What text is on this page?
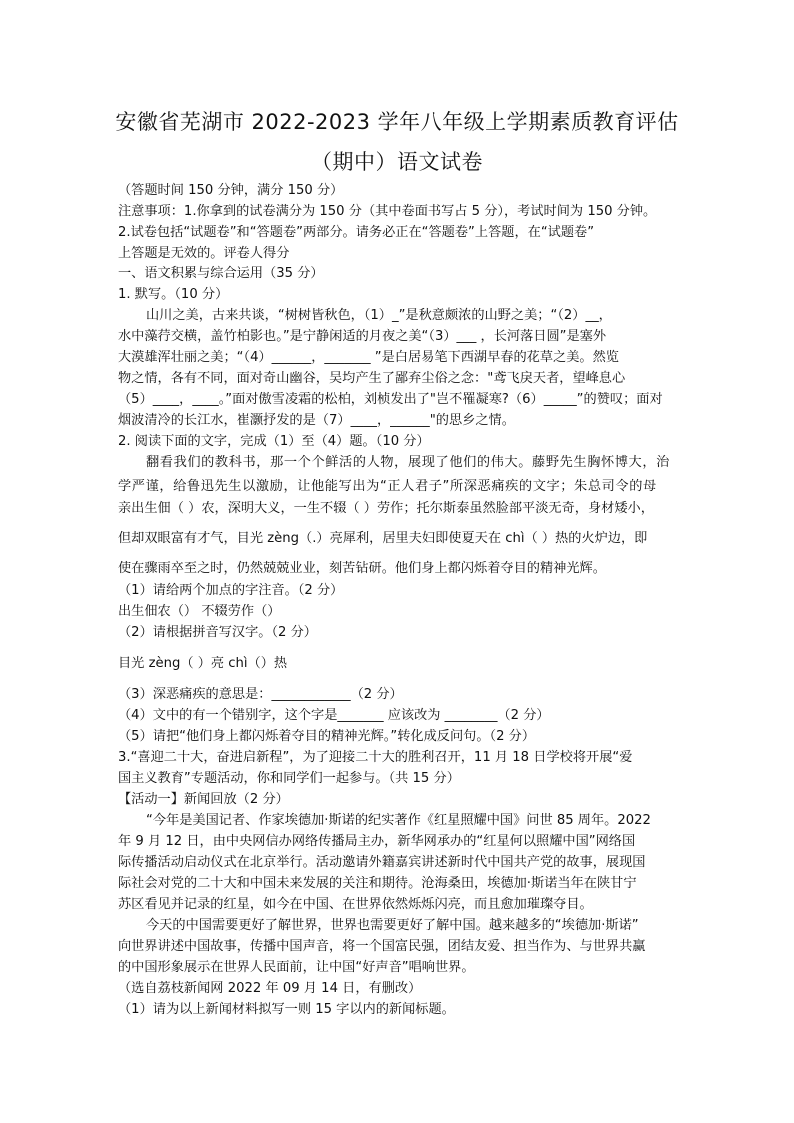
安徽省芜湖市 2022-2023 学年八年级上学期素质教育评估
（期中）语文试卷
（答题时间 150 分钟，满分 150 分）
注意事项：1.你拿到的试卷满分为 150 分（其中卷面书写占 5 分），考试时间为 150 分钟。
2.试卷包括“试题卷”和“答题卷”两部分。请务必正在“答题卷”上答题，在“试题卷”
上答题是无效的。评卷人得分
一、语文积累与综合运用（35 分）
1. 默写。（10 分）
山川之美，古来共谈，“树树皆秋色，（1）_”是秋意颇浓的山野之美；“（2）__，
水中藻荇交横，盖竹柏影也。”是宁静闲适的月夜之美“（3）___ ，长河落日圆”是塞外
大漠雄浑壮丽之美；“（4）______，_______ ”是白居易笔下西湖早春的花草之美。然览
物之情，各有不同，面对奇山幽谷，吴均产生了鄙弃尘俗之念："鸢飞戾天者，望峰息心
（5）____，____。”面对傲雪凌霜的松柏，刘桢发出了"岂不罹凝寒?（6）_____”的赞叹；面对
烟波清冷的长江水，崔灏抒发的是（7）____，______"的思乡之情。
2. 阅读下面的文字，完成（1）至（4）题。（10 分）
翻看我们的教科书，那一个个鲜活的人物，展现了他们的伟大。藤野先生胸怀博大，治
学严谨，给鲁迅先生以激励，让他能写出为“正人君子”所深恶痛疾的文字；朱总司令的母
亲出生佃（ ）农，深明大义，一生不辍（ ）劳作；托尔斯泰虽然脸部平淡无奇，身材矮小，
但却双眼富有才气，目光 zèng（.）亮犀利，居里夫妇即使夏天在 chì（ ）热的火炉边，即
使在骤雨卒至之时，仍然兢兢业业，刻苦钻研。他们身上都闪烁着夺目的精神光辉。
（1）请给两个加点的字注音。（2 分）
出生佃农（） 不辍劳作（）
（2）请根据拼音写汉字。（2 分）
目光 zèng（ ）亮 chì（）热
（3）深恶痛疾的意思是：____________（2 分）
（4）文中的有一个错别字，这个字是_______ 应该改为 ________（2 分）
（5）请把“他们身上都闪烁着夺目的精神光辉。”转化成反问句。（2 分）
3.“喜迎二十大，奋进启新程”，为了迎接二十大的胜利召开，11 月 18 日学校将开展“爱
国主义教育”专题活动，你和同学们一起参与。（共 15 分）
【活动一】新闻回放（2 分）
“今年是美国记者、作家埃德加·斯诺的纪实著作《红星照耀中国》问世 85 周年。2022
年 9 月 12 日，由中央网信办网络传播局主办，新华网承办的“红星何以照耀中国”网络国
际传播活动启动仪式在北京举行。活动邀请外籍嘉宾讲述新时代中国共产党的故事，展现国
际社会对党的二十大和中国未来发展的关注和期待。沧海桑田，埃德加·斯诺当年在陕甘宁
苏区看见并记录的红星，如今在中国、在世界依然烁烁闪亮，而且愈加璀璨夺目。
今天的中国需要更好了解世界，世界也需要更好了解中国。越来越多的“埃德加·斯诺”
向世界讲述中国故事，传播中国声音，将一个国富民强，团结友爱、担当作为、与世界共赢
的中国形象展示在世界人民面前，让中国“好声音”唱响世界。
（选自荔枝新闻网 2022 年 09 月 14 日，有删改）
（1）请为以上新闻材料拟写一则 15 字以内的新闻标题。
